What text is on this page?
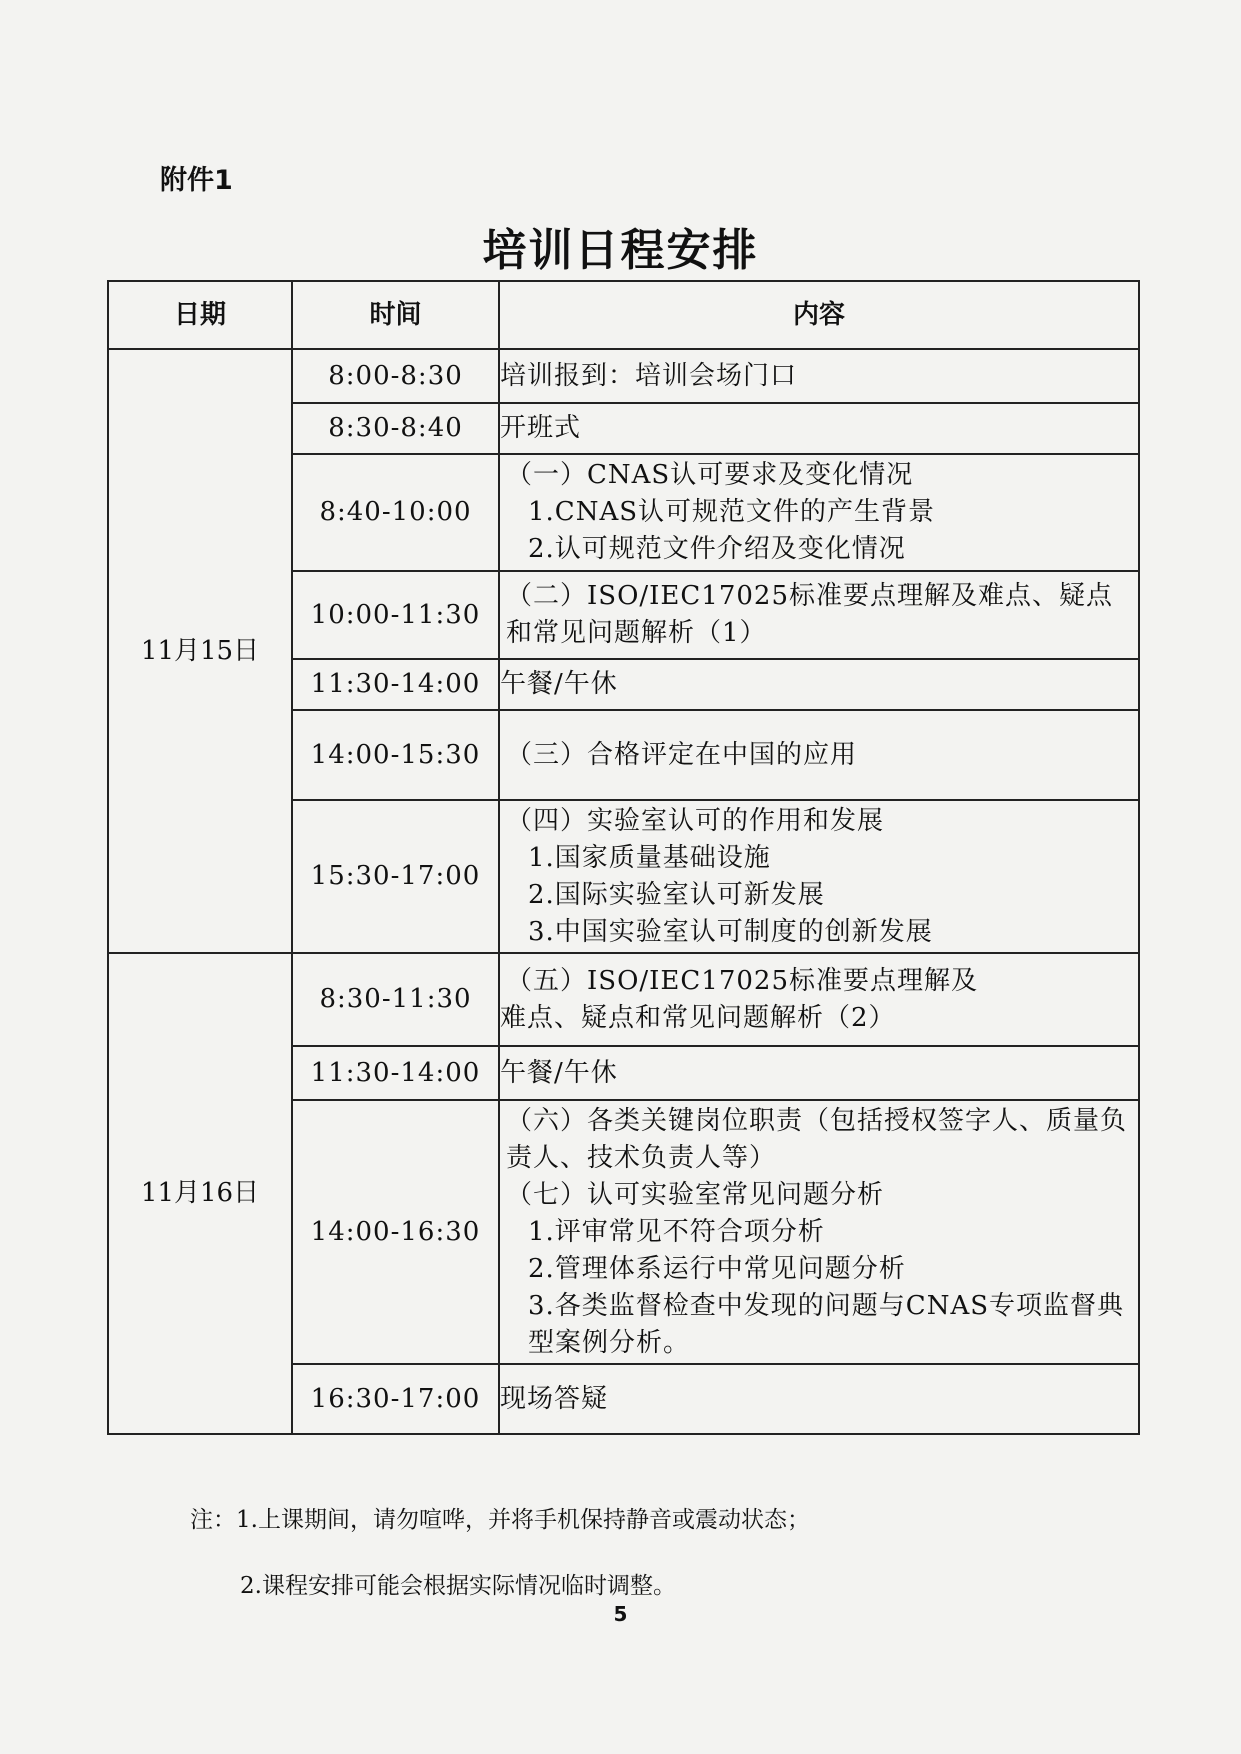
附件1
培训日程安排
日期	时间	内容
11月15日	8:00-8:30	培训报到：培训会场门口

	8:30-8:40	开班式

	8:40-10:00	（一）CNAS认可要求及变化情况
1.CNAS认可规范文件的产生背景
2.认可规范文件介绍及变化情况

	10:00-11:30	（二）ISO/IEC17025标准要点理解及难点、疑点和常见问题解析（1）

	11:30-14:00	午餐/午休

	14:00-15:30	（三）合格评定在中国的应用

	15:30-17:00	（四）实验室认可的作用和发展
1.国家质量基础设施
2.国际实验室认可新发展
3.中国实验室认可制度的创新发展

11月16日	8:30-11:30	（五）ISO/IEC17025标准要点理解及
难点、疑点和常见问题解析（2）

	11:30-14:00	午餐/午休

	14:00-16:30	（六）各类关键岗位职责（包括授权签字人、质量负责人、技术负责人等）
（七）认可实验室常见问题分析
1.评审常见不符合项分析
2.管理体系运行中常见问题分析
3.各类监督检查中发现的问题与CNAS专项监督典型案例分析。

	16:30-17:00	现场答疑
注：1.上课期间，请勿喧哗，并将手机保持静音或震动状态；
2.课程安排可能会根据实际情况临时调整。
5
